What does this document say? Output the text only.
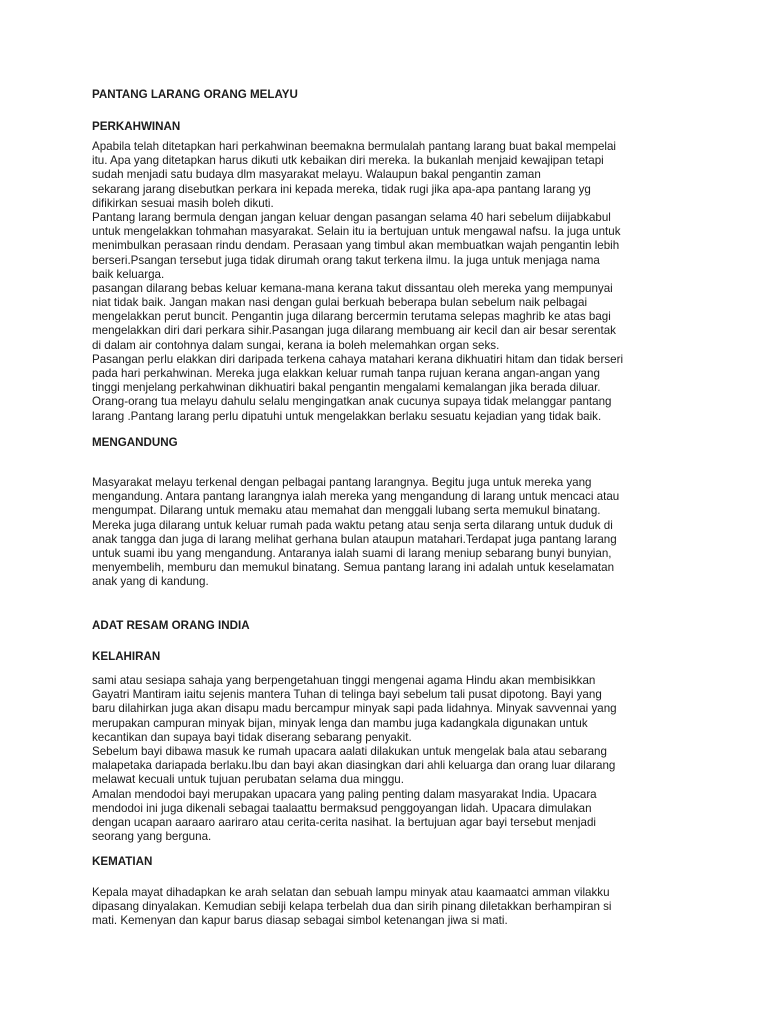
PANTANG LARANG ORANG MELAYU
PERKAHWINAN
Apabila telah ditetapkan hari perkahwinan beemakna bermulalah pantang larang buat bakal mempelai
itu. Apa yang ditetapkan harus dikuti utk kebaikan diri mereka. Ia bukanlah menjaid kewajipan tetapi
sudah menjadi satu budaya dlm masyarakat melayu. Walaupun bakal pengantin zaman
sekarang jarang disebutkan perkara ini kepada mereka, tidak rugi jika apa-apa pantang larang yg
difikirkan sesuai masih boleh dikuti.
Pantang larang bermula dengan jangan keluar dengan pasangan selama 40 hari sebelum diijabkabul
untuk mengelakkan tohmahan masyarakat. Selain itu ia bertujuan untuk mengawal nafsu. Ia juga untuk
menimbulkan perasaan rindu dendam. Perasaan yang timbul akan membuatkan wajah pengantin lebih
berseri.Psangan tersebut juga tidak dirumah orang takut terkena ilmu. Ia juga untuk menjaga nama
baik keluarga.
pasangan dilarang bebas keluar kemana-mana kerana takut dissantau oleh mereka yang mempunyai
niat tidak baik. Jangan makan nasi dengan gulai berkuah beberapa bulan sebelum naik pelbagai
mengelakkan perut buncit. Pengantin juga dilarang bercermin terutama selepas maghrib ke atas bagi
mengelakkan diri dari perkara sihir.Pasangan juga dilarang membuang air kecil dan air besar serentak
di dalam air contohnya dalam sungai, kerana ia boleh melemahkan organ seks.
Pasangan perlu elakkan diri daripada terkena cahaya matahari kerana dikhuatiri hitam dan tidak berseri
pada hari perkahwinan. Mereka juga elakkan keluar rumah tanpa rujuan kerana angan-angan yang
tinggi menjelang perkahwinan dikhuatiri bakal pengantin mengalami kemalangan jika berada diluar.
Orang-orang tua melayu dahulu selalu mengingatkan anak cucunya supaya tidak melanggar pantang
larang .Pantang larang perlu dipatuhi untuk mengelakkan berlaku sesuatu kejadian yang tidak baik.
MENGANDUNG
Masyarakat melayu terkenal dengan pelbagai pantang larangnya. Begitu juga untuk mereka yang
mengandung. Antara pantang larangnya ialah mereka yang mengandung di larang untuk mencaci atau
mengumpat. Dilarang untuk memaku atau memahat dan menggali lubang serta memukul binatang.
Mereka juga dilarang untuk keluar rumah pada waktu petang atau senja serta dilarang untuk duduk di
anak tangga dan juga di larang melihat gerhana bulan ataupun matahari.Terdapat juga pantang larang
untuk suami ibu yang mengandung. Antaranya ialah suami di larang meniup sebarang bunyi bunyian,
menyembelih, memburu dan memukul binatang. Semua pantang larang ini adalah untuk keselamatan
anak yang di kandung.
ADAT RESAM ORANG INDIA
KELAHIRAN
sami atau sesiapa sahaja yang berpengetahuan tinggi mengenai agama Hindu akan membisikkan
Gayatri Mantiram iaitu sejenis mantera Tuhan di telinga bayi sebelum tali pusat dipotong. Bayi yang
baru dilahirkan juga akan disapu madu bercampur minyak sapi pada lidahnya. Minyak savvennai yang
merupakan campuran minyak bijan, minyak lenga dan mambu juga kadangkala digunakan untuk
kecantikan dan supaya bayi tidak diserang sebarang penyakit.
Sebelum bayi dibawa masuk ke rumah upacara aalati dilakukan untuk mengelak bala atau sebarang
malapetaka dariapada berlaku.Ibu dan bayi akan diasingkan dari ahli keluarga dan orang luar dilarang
melawat kecuali untuk tujuan perubatan selama dua minggu.
Amalan mendodoi bayi merupakan upacara yang paling penting dalam masyarakat India. Upacara
mendodoi ini juga dikenali sebagai taalaattu bermaksud penggoyangan lidah. Upacara dimulakan
dengan ucapan aaraaro aariraro atau cerita-cerita nasihat. Ia bertujuan agar bayi tersebut menjadi
seorang yang berguna.
KEMATIAN
Kepala mayat dihadapkan ke arah selatan dan sebuah lampu minyak atau kaamaatci amman vilakku
dipasang dinyalakan. Kemudian sebiji kelapa terbelah dua dan sirih pinang diletakkan berhampiran si
mati. Kemenyan dan kapur barus diasap sebagai simbol ketenangan jiwa si mati.
